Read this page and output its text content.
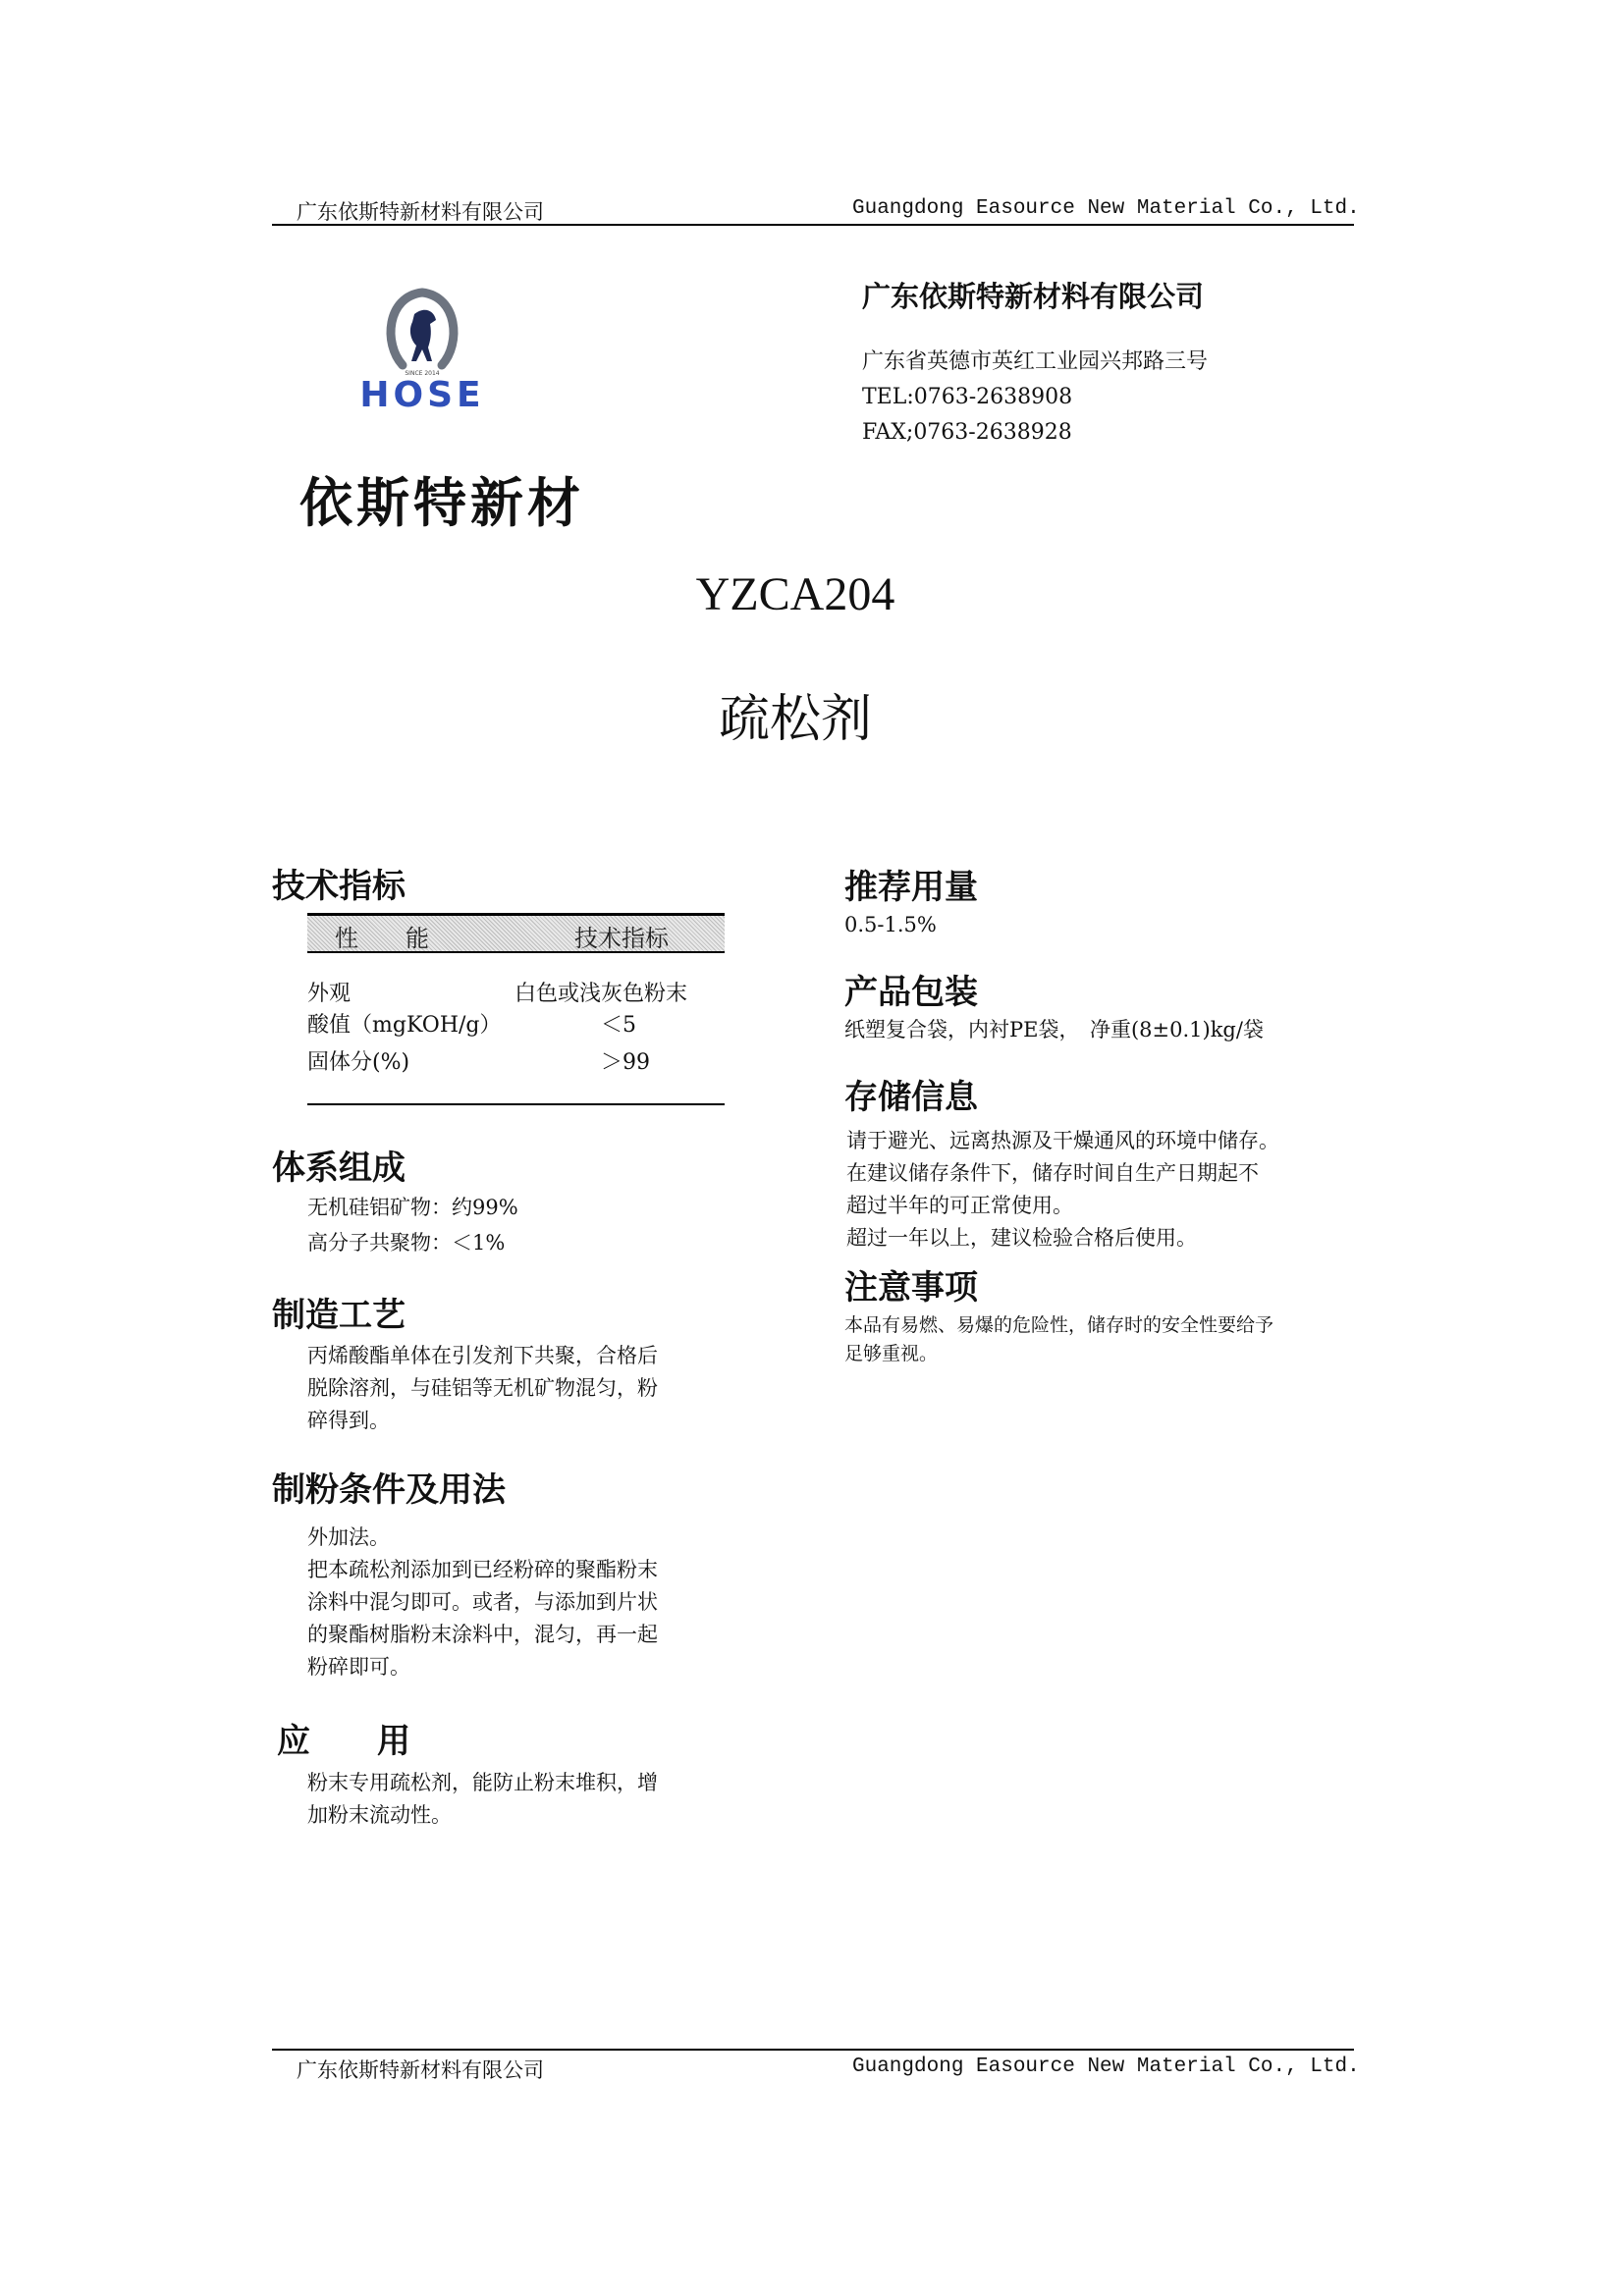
广东依斯特新材料有限公司	Guangdong Easource New Material Co., Ltd.
SINCE 2014
HOSE
依斯特新材
广东依斯特新材料有限公司
广东省英德市英红工业园兴邦路三号
TEL:0763-2638908
FAX;0763-2638928
YZCA204
疏松剂
技术指标
性　　能	技术指标
外观	白色或浅灰色粉末
酸值（mgKOH/g）	＜5
固体分(%)	＞99
体系组成
无机硅铝矿物：约99%
高分子共聚物：＜1%
制造工艺
丙烯酸酯单体在引发剂下共聚，合格后
脱除溶剂，与硅铝等无机矿物混匀，粉
碎得到。
制粉条件及用法
外加法。
把本疏松剂添加到已经粉碎的聚酯粉末
涂料中混匀即可。或者，与添加到片状
的聚酯树脂粉末涂料中，混匀，再一起
粉碎即可。
应　　用
粉末专用疏松剂，能防止粉末堆积，增
加粉末流动性。
推荐用量
0.5-1.5%
产品包装
纸塑复合袋，内衬PE袋，　净重(8±0.1)kg/袋
存储信息
请于避光、远离热源及干燥通风的环境中储存。
在建议储存条件下，储存时间自生产日期起不
超过半年的可正常使用。
超过一年以上，建议检验合格后使用。
注意事项
本品有易燃、易爆的危险性，储存时的安全性要给予
足够重视。
广东依斯特新材料有限公司	Guangdong Easource New Material Co., Ltd.
